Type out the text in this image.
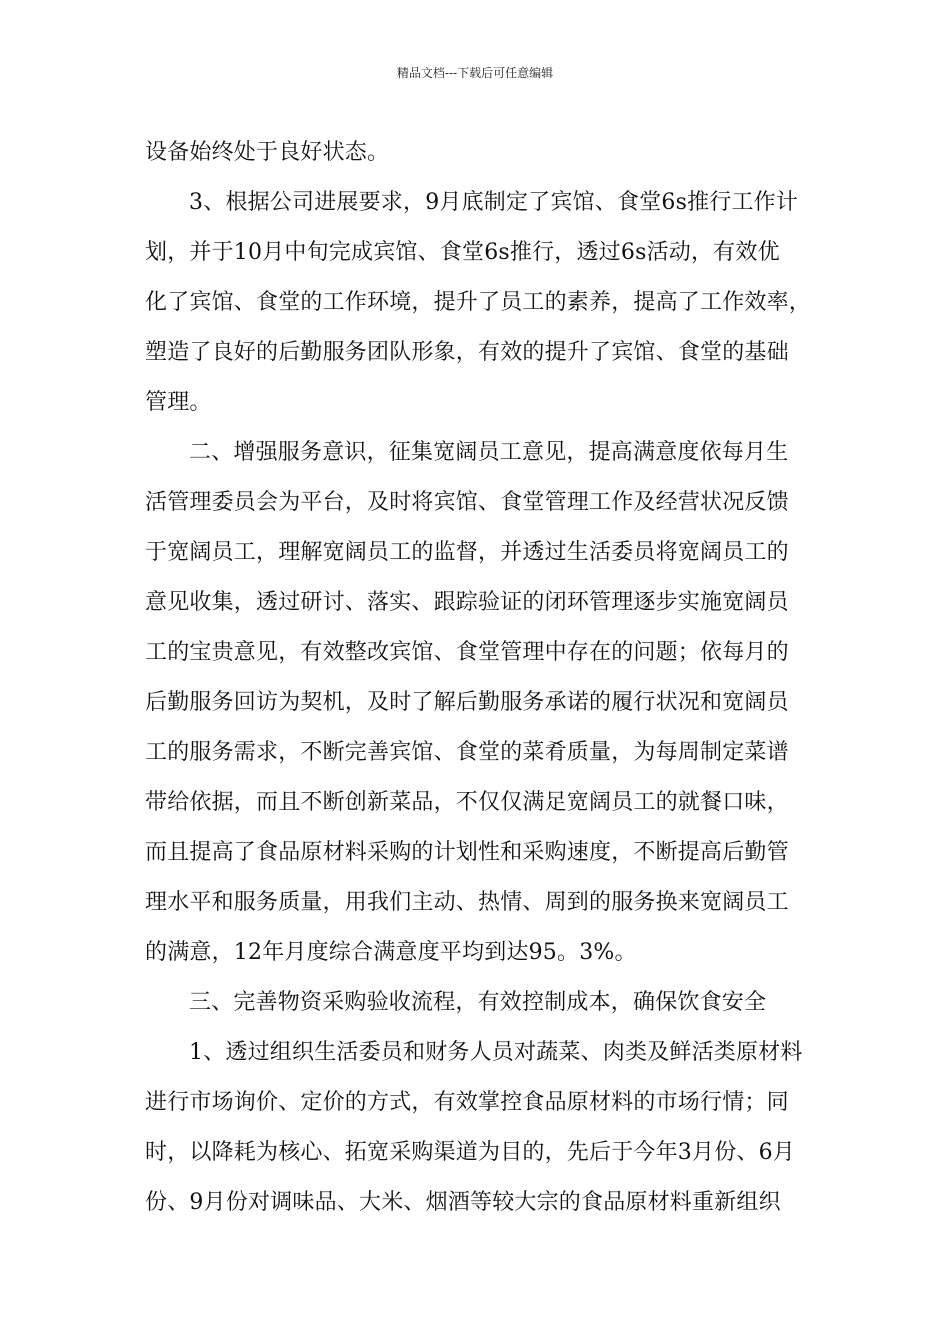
精品文档---下载后可任意编辑
设备始终处于良好状态。
3、根据公司进展要求，9月底制定了宾馆、食堂6s推行工作计
划，并于10月中旬完成宾馆、食堂6s推行，透过6s活动，有效优
化了宾馆、食堂的工作环境，提升了员工的素养，提高了工作效率，
塑造了良好的后勤服务团队形象，有效的提升了宾馆、食堂的基础
管理。
二、增强服务意识，征集宽阔员工意见，提高满意度依每月生
活管理委员会为平台，及时将宾馆、食堂管理工作及经营状况反馈
于宽阔员工，理解宽阔员工的监督，并透过生活委员将宽阔员工的
意见收集，透过研讨、落实、跟踪验证的闭环管理逐步实施宽阔员
工的宝贵意见，有效整改宾馆、食堂管理中存在的问题；依每月的
后勤服务回访为契机，及时了解后勤服务承诺的履行状况和宽阔员
工的服务需求，不断完善宾馆、食堂的菜肴质量，为每周制定菜谱
带给依据，而且不断创新菜品，不仅仅满足宽阔员工的就餐口味，
而且提高了食品原材料采购的计划性和采购速度，不断提高后勤管
理水平和服务质量，用我们主动、热情、周到的服务换来宽阔员工
的满意，12年月度综合满意度平均到达95。3%。
三、完善物资采购验收流程，有效控制成本，确保饮食安全
1、透过组织生活委员和财务人员对蔬菜、肉类及鲜活类原材料
进行市场询价、定价的方式，有效掌控食品原材料的市场行情；同
时，以降耗为核心、拓宽采购渠道为目的，先后于今年3月份、6月
份、9月份对调味品、大米、烟酒等较大宗的食品原材料重新组织
